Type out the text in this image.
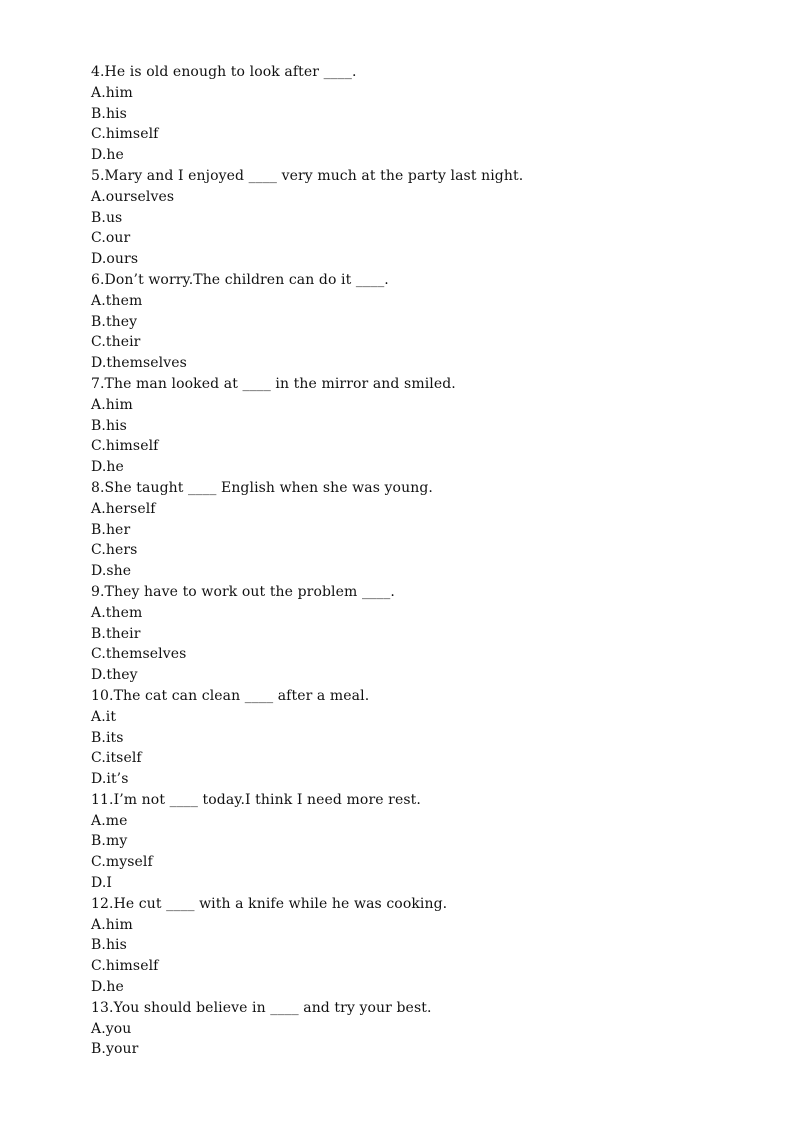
4.He is old enough to look after ____.
A.him
B.his
C.himself
D.he
5.Mary and I enjoyed ____ very much at the party last night.
A.ourselves
B.us
C.our
D.ours
6.Don’t worry.The children can do it ____.
A.them
B.they
C.their
D.themselves
7.The man looked at ____ in the mirror and smiled.
A.him
B.his
C.himself
D.he
8.She taught ____ English when she was young.
A.herself
B.her
C.hers
D.she
9.They have to work out the problem ____.
A.them
B.their
C.themselves
D.they
10.The cat can clean ____ after a meal.
A.it
B.its
C.itself
D.it’s
11.I’m not ____ today.I think I need more rest.
A.me
B.my
C.myself
D.I
12.He cut ____ with a knife while he was cooking.
A.him
B.his
C.himself
D.he
13.You should believe in ____ and try your best.
A.you
B.your
